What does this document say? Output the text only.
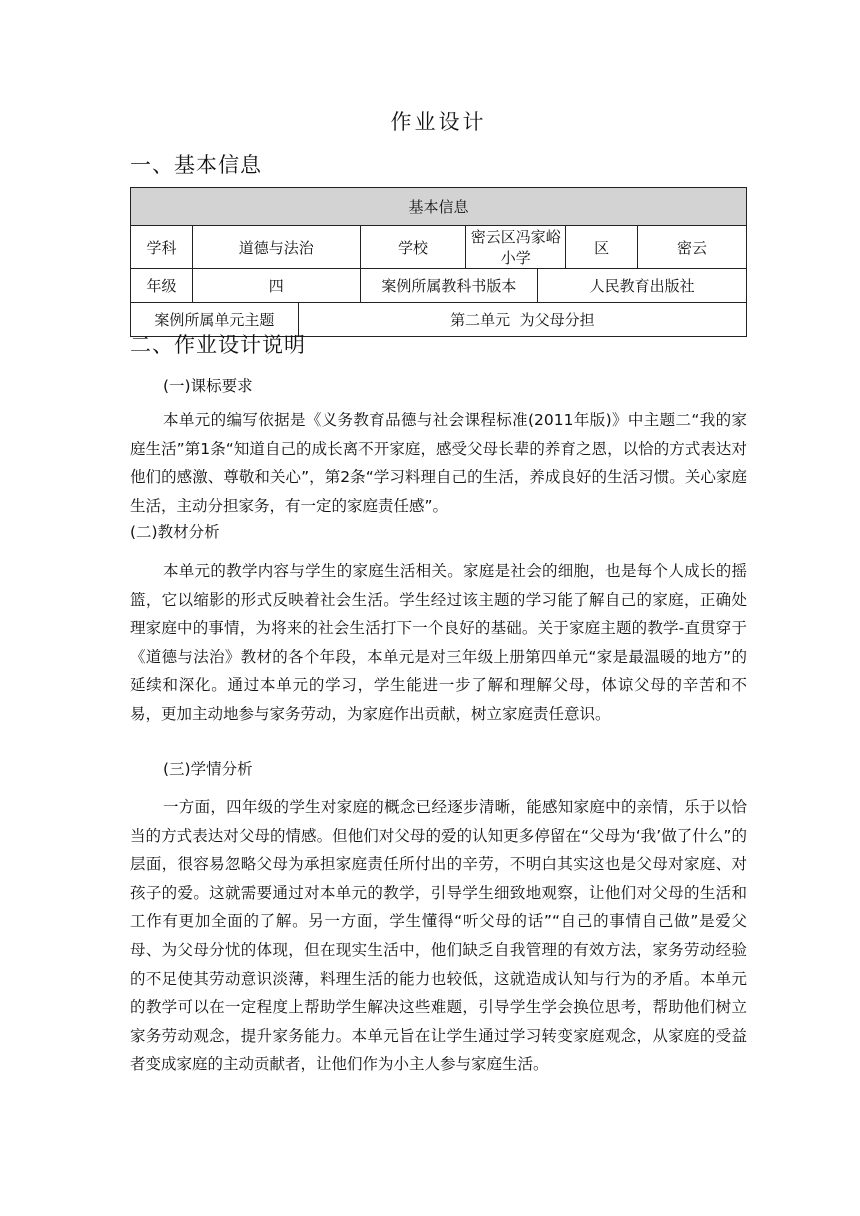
作业设计
一、基本信息
基本信息							
学科	道德与法治		学校	密云区冯家峪小学		区	密云
年级	四		案例所属教科书版本		人民教育出版社		
案例所属单元主题		第二单元  为父母分担					
二、作业设计说明
(一)课标要求

本单元的编写依据是《义务教育品德与社会课程标准(2011年版)》中主题二“我的家庭生活”第1条“知道自己的成长离不开家庭，感受父母长辈的养育之恩，以恰的方式表达对他们的感激、尊敬和关心”，第2条“学习料理自己的生活，养成良好的生活习惯。关心家庭生活，主动分担家务，有一定的家庭责任感”。

(二)教材分析

本单元的教学内容与学生的家庭生活相关。家庭是社会的细胞，也是每个人成长的摇篮，它以缩影的形式反映着社会生活。学生经过该主题的学习能了解自己的家庭，正确处理家庭中的事情，为将来的社会生活打下一个良好的基础。关于家庭主题的教学-直贯穿于《道德与法治》教材的各个年段，本单元是对三年级上册第四单元“家是最温暖的地方”的延续和深化。通过本单元的学习，学生能进一步了解和理解父母，体谅父母的辛苦和不易，更加主动地参与家务劳动，为家庭作出贡献，树立家庭责任意识。

(三)学情分析

一方面，四年级的学生对家庭的概念已经逐步清晰，能感知家庭中的亲情，乐于以恰当的方式表达对父母的情感。但他们对父母的爱的认知更多停留在“父母为‘我’做了什么”的层面，很容易忽略父母为承担家庭责任所付出的辛劳，不明白其实这也是父母对家庭、对孩子的爱。这就需要通过对本单元的教学，引导学生细致地观察，让他们对父母的生活和工作有更加全面的了解。另一方面，学生懂得“听父母的话”“自己的事情自己做”是爱父母、为父母分忧的体现，但在现实生活中，他们缺乏自我管理的有效方法，家务劳动经验的不足使其劳动意识淡薄，料理生活的能力也较低，这就造成认知与行为的矛盾。本单元的教学可以在一定程度上帮助学生解决这些难题，引导学生学会换位思考，帮助他们树立家务劳动观念，提升家务能力。本单元旨在让学生通过学习转变家庭观念，从家庭的受益者变成家庭的主动贡献者，让他们作为小主人参与家庭生活。
